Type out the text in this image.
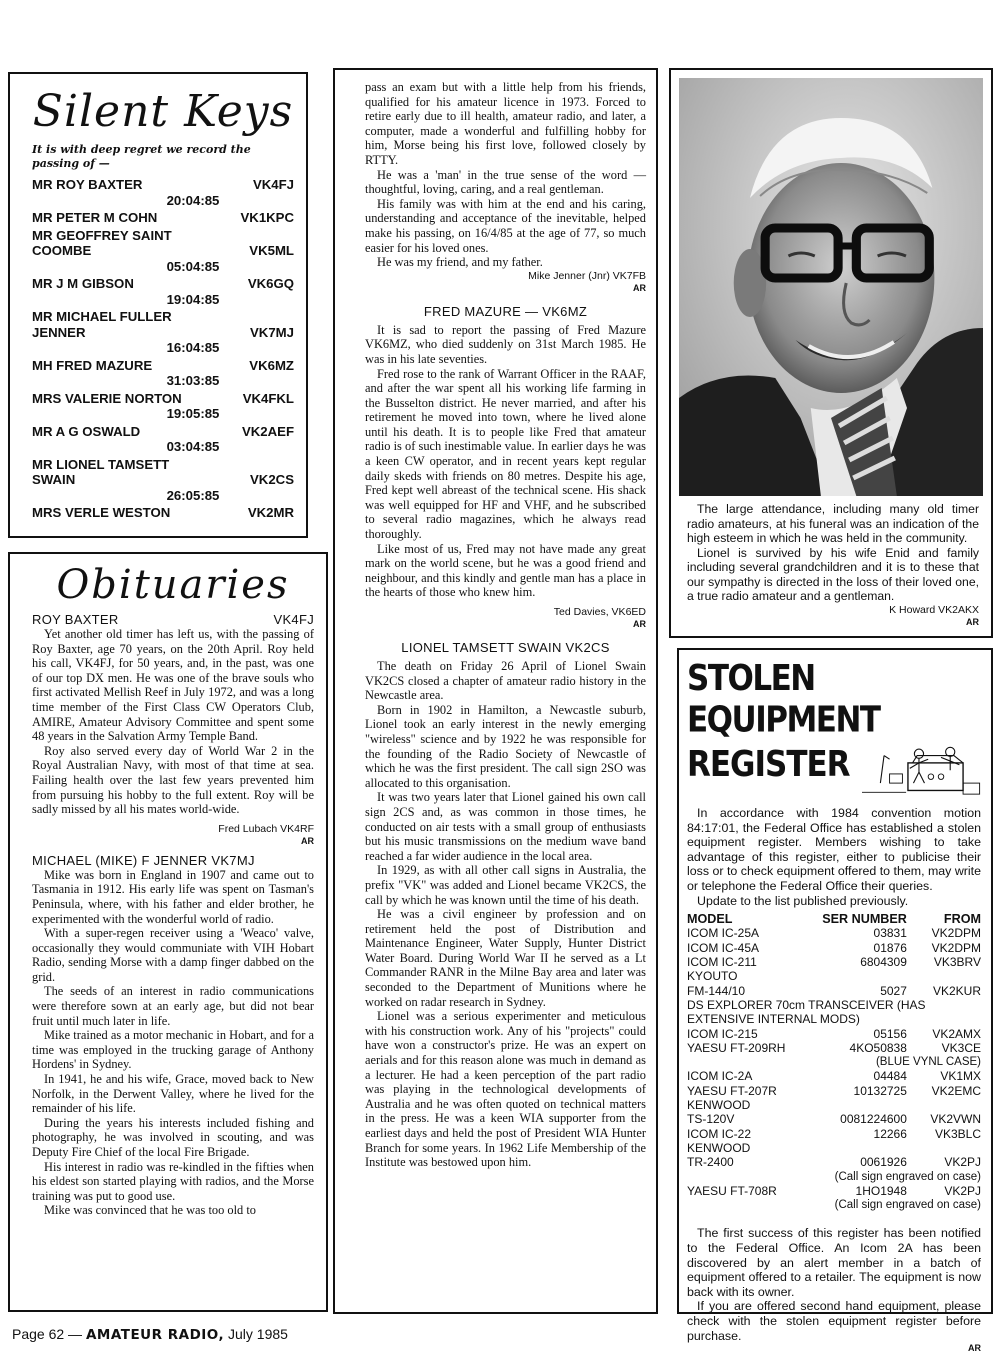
Silent Keys
It is with deep regret we record the passing of —
MR ROY BAXTER	VK4FJ
20:04:85
MR PETER M COHN	VK1KPC
MR GEOFFREY SAINT COOMBE	VK5ML
05:04:85
MR J M GIBSON	VK6GQ
19:04:85
MR MICHAEL FULLER JENNER	VK7MJ
16:04:85
MH FRED MAZURE	VK6MZ
31:03:85
MRS VALERIE NORTON	VK4FKL
19:05:85
MR A G OSWALD	VK2AEF
03:04:85
MR LIONEL TAMSETT SWAIN	VK2CS
26:05:85
MRS VERLE WESTON	VK2MR
Obituaries
ROY BAXTER	VK4FJ

Yet another old timer has left us, with the passing of Roy Baxter, age 70 years, on the 20th April. Roy held his call, VK4FJ, for 50 years, and, in the past, was one of our top DX men. He was one of the brave souls who first activated Mellish Reef in July 1972, and was a long time member of the First Class CW Operators Club, AMIRE, Amateur Advisory Committee and spent some 48 years in the Salvation Army Temple Band.

Roy also served every day of World War 2 in the Royal Australian Navy, with most of that time at sea. Failing health over the last few years prevented him from pursuing his hobby to the full extent. Roy will be sadly missed by all his mates world-wide.

Fred Lubach VK4RF
AR
MICHAEL (MIKE) F JENNER VK7MJ

Mike was born in England in 1907 and came out to Tasmania in 1912. His early life was spent on Tasman's Peninsula, where, with his father and elder brother, he experimented with the wonderful world of radio.

With a super-regen receiver using a 'Weaco' valve, occasionally they would communiate with VIH Hobart Radio, sending Morse with a damp finger dabbed on the grid.

The seeds of an interest in radio communications were therefore sown at an early age, but did not bear fruit until much later in life.

Mike trained as a motor mechanic in Hobart, and for a time was employed in the trucking garage of Anthony Hordens' in Sydney.

In 1941, he and his wife, Grace, moved back to New Norfolk, in the Derwent Valley, where he lived for the remainder of his life.

During the years his interests included fishing and photography, he was involved in scouting, and was Deputy Fire Chief of the local Fire Brigade.

His interest in radio was re-kindled in the fifties when his eldest son started playing with radios, and the Morse training was put to good use.

Mike was convinced that he was too old to

pass an exam but with a little help from his friends, qualified for his amateur licence in 1973. Forced to retire early due to ill health, amateur radio, and later, a computer, made a wonderful and fulfilling hobby for him, Morse being his first love, followed closely by RTTY.

He was a 'man' in the true sense of the word — thoughtful, loving, caring, and a real gentleman.

His family was with him at the end and his caring, understanding and acceptance of the inevitable, helped make his passing, on 16/4/85 at the age of 77, so much easier for his loved ones.

He was my friend, and my father.

Mike Jenner (Jnr) VK7FB
AR
FRED MAZURE — VK6MZ

It is sad to report the passing of Fred Mazure VK6MZ, who died suddenly on 31st March 1985. He was in his late seventies.

Fred rose to the rank of Warrant Officer in the RAAF, and after the war spent all his working life farming in the Busselton district. He never married, and after his retirement he moved into town, where he lived alone until his death. It is to people like Fred that amateur radio is of such inestimable value. In earlier days he was a keen CW operator, and in recent years kept regular daily skeds with friends on 80 metres. Despite his age, Fred kept well abreast of the technical scene. His shack was well equipped for HF and VHF, and he subscribed to several radio magazines, which he always read thoroughly.

Like most of us, Fred may not have made any great mark on the world scene, but he was a good friend and neighbour, and this kindly and gentle man has a place in the hearts of those who knew him.

Ted Davies, VK6ED
AR
LIONEL TAMSETT SWAIN VK2CS

The death on Friday 26 April of Lionel Swain VK2CS closed a chapter of amateur radio history in the Newcastle area.

Born in 1902 in Hamilton, a Newcastle suburb, Lionel took an early interest in the newly emerging "wireless" science and by 1922 he was responsible for the founding of the Radio Society of Newcastle of which he was the first president. The call sign 2SO was allocated to this organisation.

It was two years later that Lionel gained his own call sign 2CS and, as was common in those times, he conducted on air tests with a small group of enthusiasts but his music transmissions on the medium wave band reached a far wider audience in the local area.

In 1929, as with all other call signs in Australia, the prefix "VK" was added and Lionel became VK2CS, the call by which he was known until the time of his death.

He was a civil engineer by profession and on retirement held the post of Distribution and Maintenance Engineer, Water Supply, Hunter District Water Board. During World War II he served as a Lt Commander RANR in the Milne Bay area and later was seconded to the Department of Munitions where he worked on radar research in Sydney.

Lionel was a serious experimenter and meticulous with his construction work. Any of his "projects" could have won a constructor's prize. He was an expert on aerials and for this reason alone was much in demand as a lecturer. He had a keen perception of the part radio was playing in the technological developments of Australia and he was often quoted on technical matters in the press. He was a keen WIA supporter from the earliest days and held the post of President WIA Hunter Branch for some years. In 1962 Life Membership of the Institute was bestowed upon him.

The large attendance, including many old timer radio amateurs, at his funeral was an indication of the high esteem in which he was held in the community.

Lionel is survived by his wife Enid and family including several grandchildren and it is to these that our sympathy is directed in the loss of their loved one, a true radio amateur and a gentleman.

K Howard VK2AKX
AR
STOLEN EQUIPMENT
REGISTER

In accordance with 1984 convention motion 84:17:01, the Federal Office has established a stolen equipment register. Members wishing to take advantage of this register, either to publicise their loss or to check equipment offered to them, may write or telephone the Federal Office their queries.

Update to the list published previously.

MODEL	SER NUMBER	FROM
ICOM IC-25A	03831	VK2DPM
ICOM IC-45A	01876	VK2DPM
ICOM IC-211	6804309	VK3BRV
KYOUTO		
FM-144/10	5027	VK2KUR
DS EXPLORER 70cm TRANSCEIVER (HAS EXTENSIVE INTERNAL MODS)		
ICOM IC-215	05156	VK2AMX
YAESU FT-209RH	4KO50838	VK3CE
(BLUE VYNL CASE)		
ICOM IC-2A	04484	VK1MX
YAESU FT-207R	10132725	VK2EMC
KENWOOD		
TS-120V	0081224600	VK2VWN
ICOM IC-22	12266	VK3BLC
KENWOOD		
TR-2400	0061926	VK2PJ
(Call sign engraved on case)		
YAESU FT-708R	1HO1948	VK2PJ
(Call sign engraved on case)		

The first success of this register has been notified to the Federal Office. An Icom 2A has been discovered by an alert member in a batch of equipment offered to a retailer. The equipment is now back with its owner.

If you are offered second hand equipment, please check with the stolen equipment register before purchase.

AR
Page 62 — AMATEUR RADIO, July 1985
